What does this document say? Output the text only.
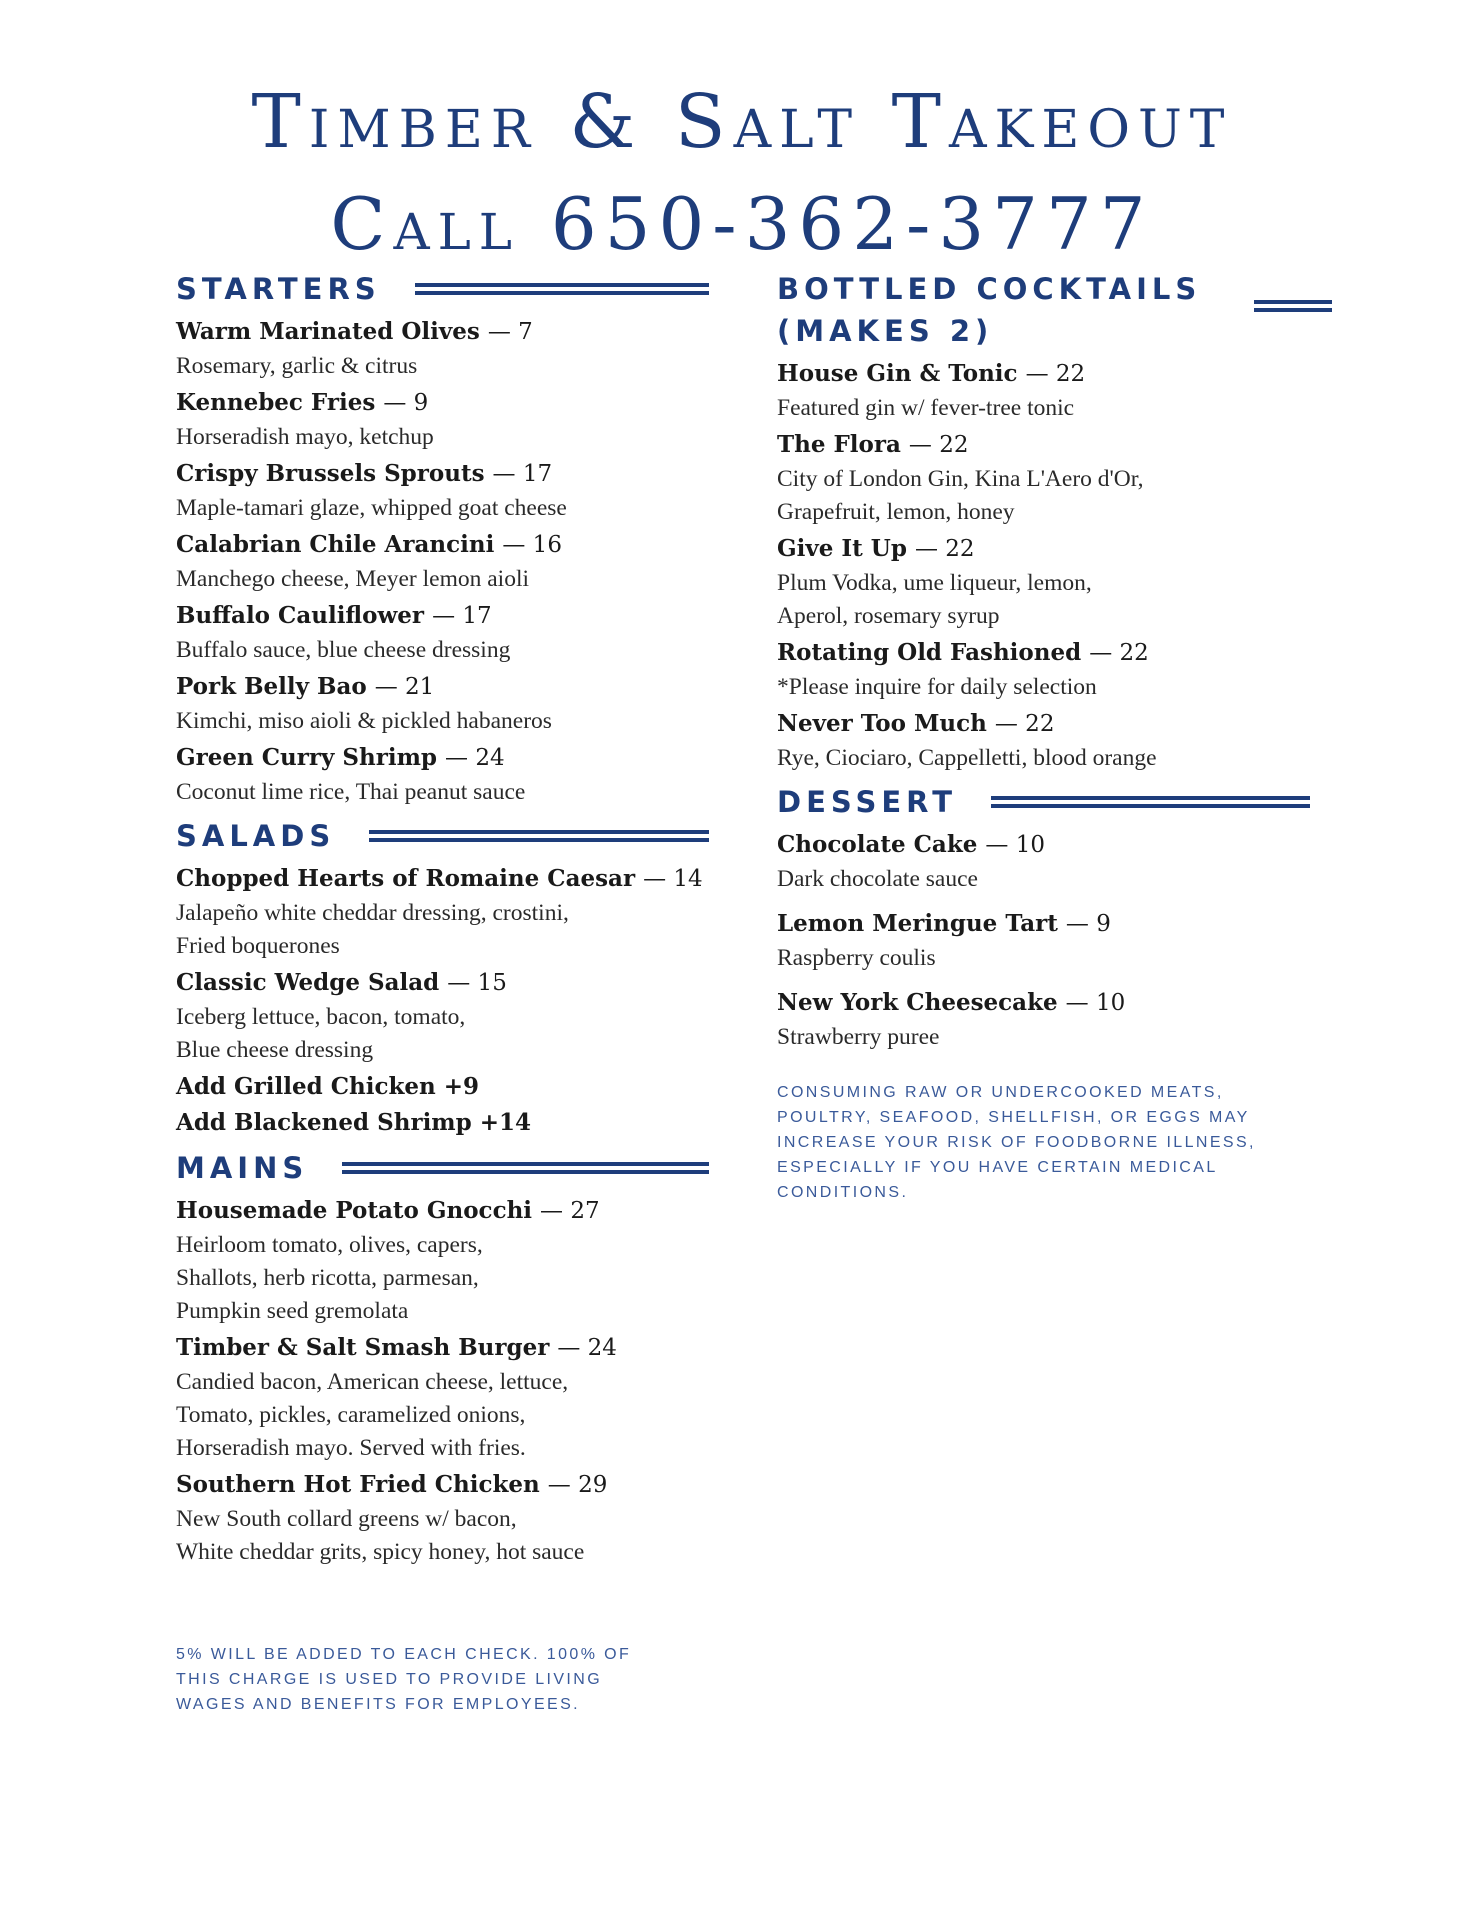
Timber & Salt Takeout
Call 650-362-3777
STARTERS
Warm Marinated Olives — 7
Rosemary, garlic & citrus
Kennebec Fries — 9
Horseradish mayo, ketchup
Crispy Brussels Sprouts — 17
Maple-tamari glaze, whipped goat cheese
Calabrian Chile Arancini — 16
Manchego cheese, Meyer lemon aioli
Buffalo Cauliflower — 17
Buffalo sauce, blue cheese dressing
Pork Belly Bao — 21
Kimchi, miso aioli & pickled habaneros
Green Curry Shrimp — 24
Coconut lime rice, Thai peanut sauce
SALADS
Chopped Hearts of Romaine Caesar — 14
Jalapeño white cheddar dressing, crostini,
Fried boquerones
Classic Wedge Salad — 15
Iceberg lettuce, bacon, tomato,
Blue cheese dressing
Add Grilled Chicken +9
Add Blackened Shrimp +14
MAINS
Housemade Potato Gnocchi — 27
Heirloom tomato, olives, capers,
Shallots, herb ricotta, parmesan,
Pumpkin seed gremolata
Timber & Salt Smash Burger — 24
Candied bacon, American cheese, lettuce,
Tomato, pickles, caramelized onions,
Horseradish mayo. Served with fries.
Southern Hot Fried Chicken — 29
New South collard greens w/ bacon,
White cheddar grits, spicy honey, hot sauce
5% WILL BE ADDED TO EACH CHECK. 100% OF THIS CHARGE IS USED TO PROVIDE LIVING WAGES AND BENEFITS FOR EMPLOYEES.
BOTTLED COCKTAILS (MAKES 2)
House Gin & Tonic — 22
Featured gin w/ fever-tree tonic
The Flora — 22
City of London Gin, Kina L'Aero d'Or,
Grapefruit, lemon, honey
Give It Up — 22
Plum Vodka, ume liqueur, lemon,
Aperol, rosemary syrup
Rotating Old Fashioned — 22
*Please inquire for daily selection
Never Too Much — 22
Rye, Ciociaro, Cappelletti, blood orange
DESSERT
Chocolate Cake — 10
Dark chocolate sauce
Lemon Meringue Tart — 9
Raspberry coulis
New York Cheesecake — 10
Strawberry puree
CONSUMING RAW OR UNDERCOOKED MEATS, POULTRY, SEAFOOD, SHELLFISH, OR EGGS MAY INCREASE YOUR RISK OF FOODBORNE ILLNESS, ESPECIALLY IF YOU HAVE CERTAIN MEDICAL CONDITIONS.
